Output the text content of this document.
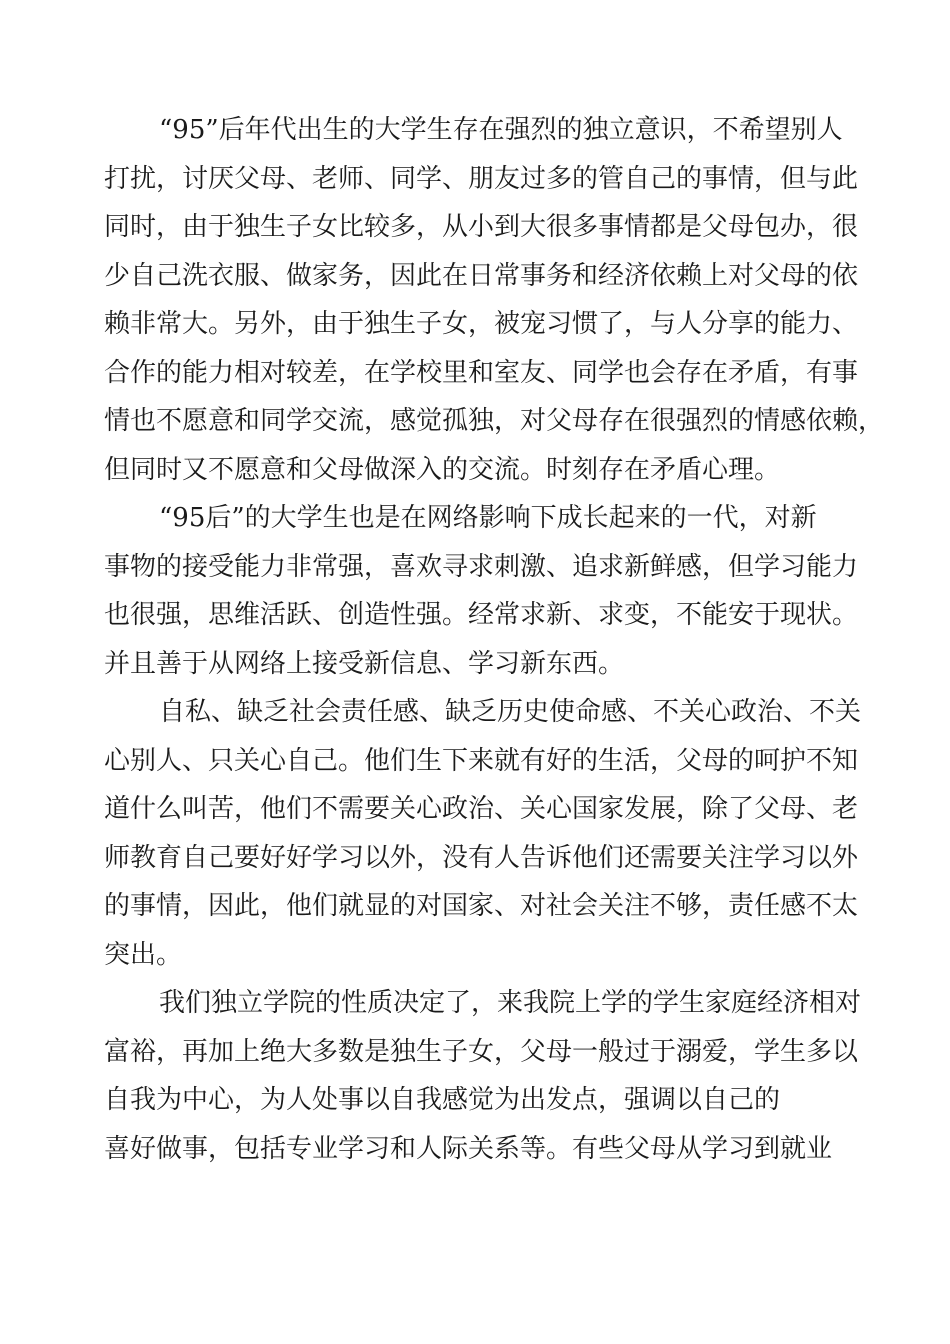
“95”后年代出生的大学生存在强烈的独立意识，不希望别人
打扰，讨厌父母、老师、同学、朋友过多的管自己的事情，但与此
同时，由于独生子女比较多，从小到大很多事情都是父母包办，很
少自己洗衣服、做家务，因此在日常事务和经济依赖上对父母的依
赖非常大。另外，由于独生子女，被宠习惯了，与人分享的能力、
合作的能力相对较差，在学校里和室友、同学也会存在矛盾，有事
情也不愿意和同学交流，感觉孤独，对父母存在很强烈的情感依赖，
但同时又不愿意和父母做深入的交流。时刻存在矛盾心理。
“95后”的大学生也是在网络影响下成长起来的一代，对新
事物的接受能力非常强，喜欢寻求刺激、追求新鲜感，但学习能力
也很强，思维活跃、创造性强。经常求新、求变，不能安于现状。
并且善于从网络上接受新信息、学习新东西。
自私、缺乏社会责任感、缺乏历史使命感、不关心政治、不关
心别人、只关心自己。他们生下来就有好的生活，父母的呵护不知
道什么叫苦，他们不需要关心政治、关心国家发展，除了父母、老
师教育自己要好好学习以外，没有人告诉他们还需要关注学习以外
的事情，因此，他们就显的对国家、对社会关注不够，责任感不太
突出。
我们独立学院的性质决定了，来我院上学的学生家庭经济相对
富裕，再加上绝大多数是独生子女，父母一般过于溺爱，学生多以
自我为中心，为人处事以自我感觉为出发点，强调以自己的
喜好做事，包括专业学习和人际关系等。有些父母从学习到就业
